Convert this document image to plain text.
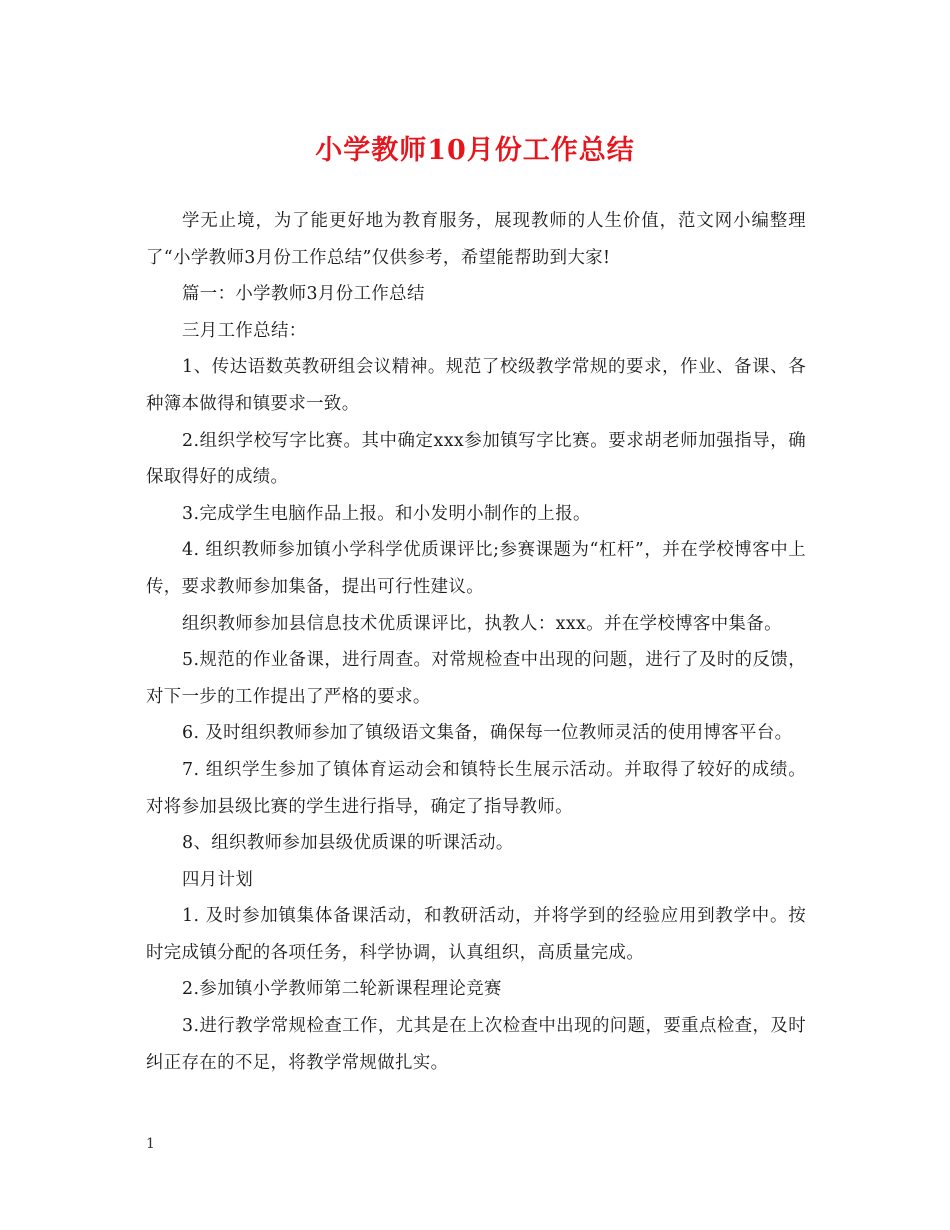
小学教师10月份工作总结

学无止境，为了能更好地为教育服务，展现教师的人生价值，范文网小编整理了“小学教师3月份工作总结”仅供参考，希望能帮助到大家!

篇一：小学教师3月份工作总结

三月工作总结：

1、传达语数英教研组会议精神。规范了校级教学常规的要求，作业、备课、各种簿本做得和镇要求一致。

2.组织学校写字比赛。其中确定xxx参加镇写字比赛。要求胡老师加强指导，确保取得好的成绩。

3.完成学生电脑作品上报。和小发明小制作的上报。

4. 组织教师参加镇小学科学优质课评比;参赛课题为“杠杆”，并在学校博客中上传，要求教师参加集备，提出可行性建议。

组织教师参加县信息技术优质课评比，执教人：xxx。并在学校博客中集备。

5.规范的作业备课，进行周查。对常规检查中出现的问题，进行了及时的反馈，对下一步的工作提出了严格的要求。

6. 及时组织教师参加了镇级语文集备，确保每一位教师灵活的使用博客平台。

7. 组织学生参加了镇体育运动会和镇特长生展示活动。并取得了较好的成绩。对将参加县级比赛的学生进行指导，确定了指导教师。

8、组织教师参加县级优质课的听课活动。

四月计划

1. 及时参加镇集体备课活动，和教研活动，并将学到的经验应用到教学中。按时完成镇分配的各项任务，科学协调，认真组织，高质量完成。

2.参加镇小学教师第二轮新课程理论竞赛

3.进行教学常规检查工作，尤其是在上次检查中出现的问题，要重点检查，及时纠正存在的不足，将教学常规做扎实。

1
